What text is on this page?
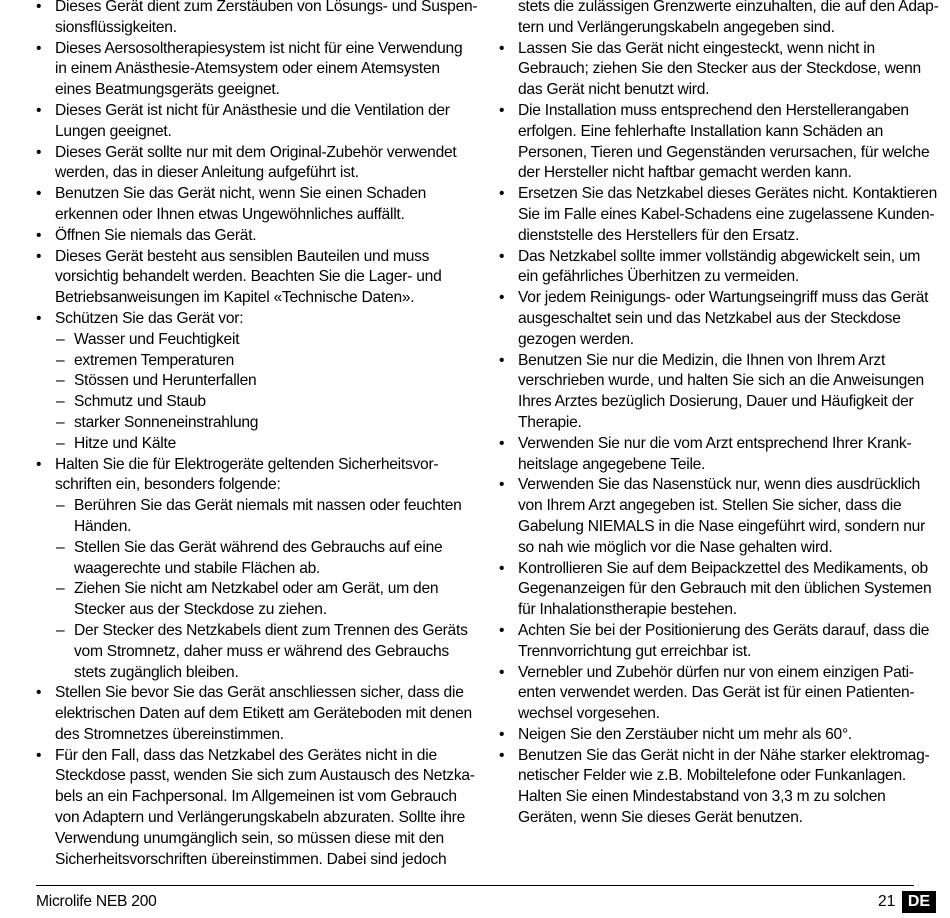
• Dieses Gerät dient zum Zerstäuben von Lösungs- und Suspen-
sionsflüssigkeiten.
• Dieses Aersosoltherapiesystem ist nicht für eine Verwendung
in einem Anästhesie-Atemsystem oder einem Atemsysten
eines Beatmungsgeräts geeignet.
• Dieses Gerät ist nicht für Anästhesie und die Ventilation der
Lungen geeignet.
• Dieses Gerät sollte nur mit dem Original-Zubehör verwendet
werden, das in dieser Anleitung aufgeführt ist.
• Benutzen Sie das Gerät nicht, wenn Sie einen Schaden
erkennen oder Ihnen etwas Ungewöhnliches auffällt.
• Öffnen Sie niemals das Gerät.
• Dieses Gerät besteht aus sensiblen Bauteilen und muss
vorsichtig behandelt werden. Beachten Sie die Lager- und
Betriebsanweisungen im Kapitel «Technische Daten».
• Schützen Sie das Gerät vor:
– Wasser und Feuchtigkeit
– extremen Temperaturen
– Stössen und Herunterfallen
– Schmutz und Staub
– starker Sonneneinstrahlung
– Hitze und Kälte
• Halten Sie die für Elektrogeräte geltenden Sicherheitsvor-
schriften ein, besonders folgende:
– Berühren Sie das Gerät niemals mit nassen oder feuchten
Händen.
– Stellen Sie das Gerät während des Gebrauchs auf eine
waagerechte und stabile Flächen ab.
– Ziehen Sie nicht am Netzkabel oder am Gerät, um den
Stecker aus der Steckdose zu ziehen.
– Der Stecker des Netzkabels dient zum Trennen des Geräts
vom Stromnetz, daher muss er während des Gebrauchs
stets zugänglich bleiben.
• Stellen Sie bevor Sie das Gerät anschliessen sicher, dass die
elektrischen Daten auf dem Etikett am Geräteboden mit denen
des Stromnetzes übereinstimmen.
• Für den Fall, dass das Netzkabel des Gerätes nicht in die
Steckdose passt, wenden Sie sich zum Austausch des Netzka-
bels an ein Fachpersonal. Im Allgemeinen ist vom Gebrauch
von Adaptern und Verlängerungskabeln abzuraten. Sollte ihre
Verwendung unumgänglich sein, so müssen diese mit den
Sicherheitsvorschriften übereinstimmen. Dabei sind jedoch
stets die zulässigen Grenzwerte einzuhalten, die auf den Adap-
tern und Verlängerungskabeln angegeben sind.
• Lassen Sie das Gerät nicht eingesteckt, wenn nicht in
Gebrauch; ziehen Sie den Stecker aus der Steckdose, wenn
das Gerät nicht benutzt wird.
• Die Installation muss entsprechend den Herstellerangaben
erfolgen. Eine fehlerhafte Installation kann Schäden an
Personen, Tieren und Gegenständen verursachen, für welche
der Hersteller nicht haftbar gemacht werden kann.
• Ersetzen Sie das Netzkabel dieses Gerätes nicht. Kontaktieren
Sie im Falle eines Kabel-Schadens eine zugelassene Kunden-
dienststelle des Herstellers für den Ersatz.
• Das Netzkabel sollte immer vollständig abgewickelt sein, um
ein gefährliches Überhitzen zu vermeiden.
• Vor jedem Reinigungs- oder Wartungseingriff muss das Gerät
ausgeschaltet sein und das Netzkabel aus der Steckdose
gezogen werden.
• Benutzen Sie nur die Medizin, die Ihnen von Ihrem Arzt
verschrieben wurde, und halten Sie sich an die Anweisungen
Ihres Arztes bezüglich Dosierung, Dauer und Häufigkeit der
Therapie.
• Verwenden Sie nur die vom Arzt entsprechend Ihrer Krank-
heitslage angegebene Teile.
• Verwenden Sie das Nasenstück nur, wenn dies ausdrücklich
von Ihrem Arzt angegeben ist. Stellen Sie sicher, dass die
Gabelung NIEMALS in die Nase eingeführt wird, sondern nur
so nah wie möglich vor die Nase gehalten wird.
• Kontrollieren Sie auf dem Beipackzettel des Medikaments, ob
Gegenanzeigen für den Gebrauch mit den üblichen Systemen
für Inhalationstherapie bestehen.
• Achten Sie bei der Positionierung des Geräts darauf, dass die
Trennvorrichtung gut erreichbar ist.
• Vernebler und Zubehör dürfen nur von einem einzigen Pati-
enten verwendet werden. Das Gerät ist für einen Patienten-
wechsel vorgesehen.
• Neigen Sie den Zerstäuber nicht um mehr als 60°.
• Benutzen Sie das Gerät nicht in der Nähe starker elektromag-
netischer Felder wie z.B. Mobiltelefone oder Funkanlagen.
Halten Sie einen Mindestabstand von 3,3 m zu solchen
Geräten, wenn Sie dieses Gerät benutzen.
Microlife NEB 200	21 DE
